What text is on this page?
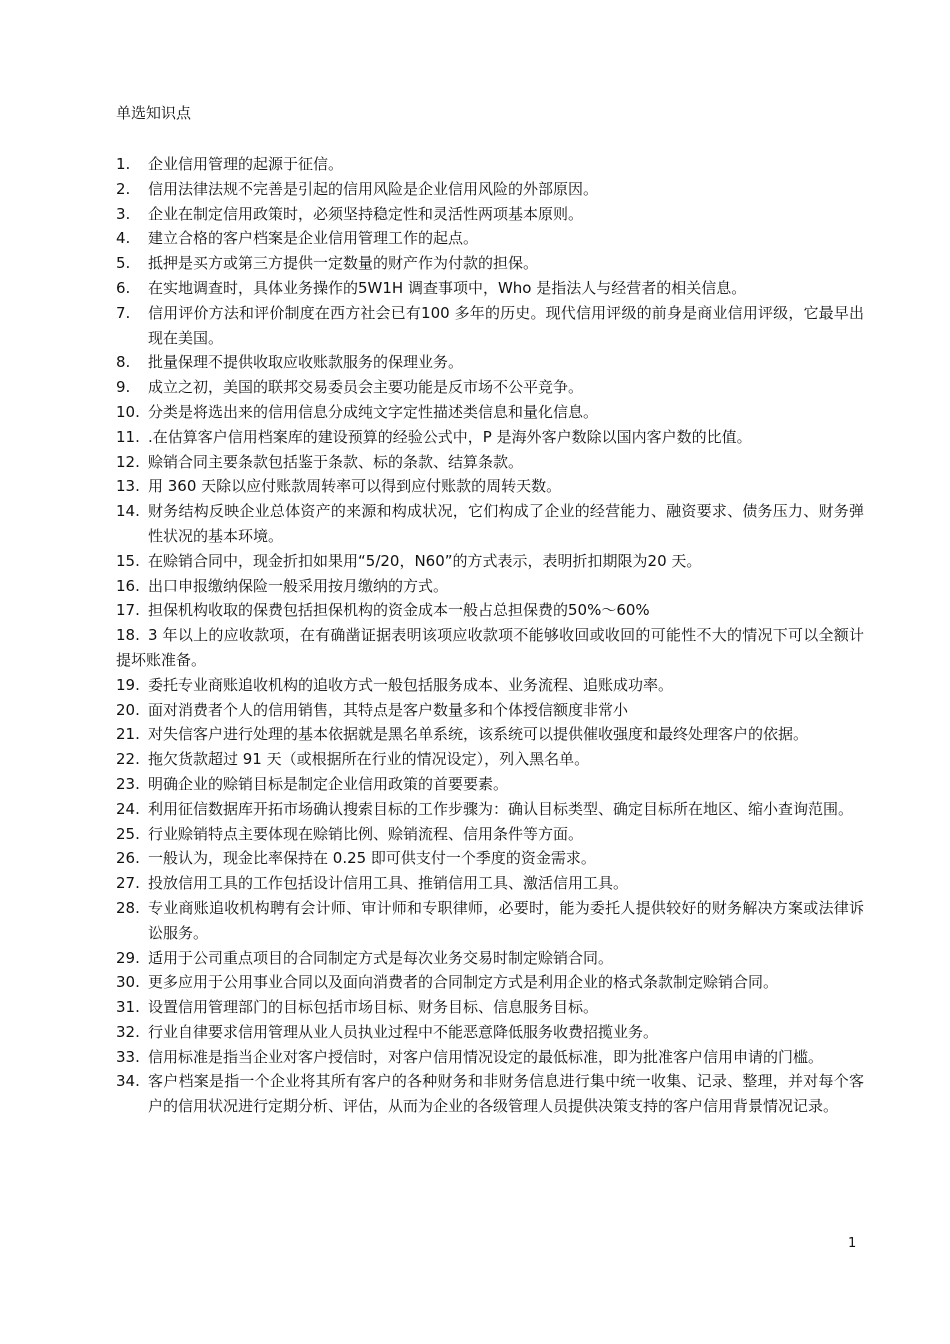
单选知识点
1.	企业信用管理的起源于征信。
2.	信用法律法规不完善是引起的信用风险是企业信用风险的外部原因。
3.	企业在制定信用政策时，必须坚持稳定性和灵活性两项基本原则。
4.	建立合格的客户档案是企业信用管理工作的起点。
5.	抵押是买方或第三方提供一定数量的财产作为付款的担保。
6.	在实地调查时，具体业务操作的5W1H 调查事项中，Who 是指法人与经营者的相关信息。
7.	信用评价方法和评价制度在西方社会已有100 多年的历史。现代信用评级的前身是商业信用评级，它最早出现在美国。
8.	批量保理不提供收取应收账款服务的保理业务。
9.	成立之初，美国的联邦交易委员会主要功能是反市场不公平竞争。
10. 分类是将选出来的信用信息分成纯文字定性描述类信息和量化信息。
11. .在估算客户信用档案库的建设预算的经验公式中，P 是海外客户数除以国内客户数的比值。
12. 赊销合同主要条款包括鉴于条款、标的条款、结算条款。
13. 用 360 天除以应付账款周转率可以得到应付账款的周转天数。
14. 财务结构反映企业总体资产的来源和构成状况，它们构成了企业的经营能力、融资要求、债务压力、财务弹性状况的基本环境。
15. 在赊销合同中，现金折扣如果用“5/20，N60”的方式表示，表明折扣期限为20 天。
16. 出口申报缴纳保险一般采用按月缴纳的方式。
17. 担保机构收取的保费包括担保机构的资金成本一般占总担保费的50%～60%
18. 3 年以上的应收款项，在有确凿证据表明该项应收款项不能够收回或收回的可能性不大的情况下可以全额计提坏账准备。
19. 委托专业商账追收机构的追收方式一般包括服务成本、业务流程、追账成功率。
20. 面对消费者个人的信用销售，其特点是客户数量多和个体授信额度非常小
21. 对失信客户进行处理的基本依据就是黑名单系统，该系统可以提供催收强度和最终处理客户的依据。
22. 拖欠货款超过 91 天（或根据所在行业的情况设定），列入黑名单。
23. 明确企业的赊销目标是制定企业信用政策的首要要素。
24. 利用征信数据库开拓市场确认搜索目标的工作步骤为：确认目标类型、确定目标所在地区、缩小查询范围。
25. 行业赊销特点主要体现在赊销比例、赊销流程、信用条件等方面。
26. 一般认为，现金比率保持在 0.25 即可供支付一个季度的资金需求。
27. 投放信用工具的工作包括设计信用工具、推销信用工具、激活信用工具。
28. 专业商账追收机构聘有会计师、审计师和专职律师，必要时，能为委托人提供较好的财务解决方案或法律诉讼服务。
29. 适用于公司重点项目的合同制定方式是每次业务交易时制定赊销合同。
30. 更多应用于公用事业合同以及面向消费者的合同制定方式是利用企业的格式条款制定赊销合同。
31. 设置信用管理部门的目标包括市场目标、财务目标、信息服务目标。
32. 行业自律要求信用管理从业人员执业过程中不能恶意降低服务收费招揽业务。
33. 信用标准是指当企业对客户授信时，对客户信用情况设定的最低标准，即为批准客户信用申请的门槛。
34. 客户档案是指一个企业将其所有客户的各种财务和非财务信息进行集中统一收集、记录、整理，并对每个客户的信用状况进行定期分析、评估，从而为企业的各级管理人员提供决策支持的客户信用背景情况记录。
1
